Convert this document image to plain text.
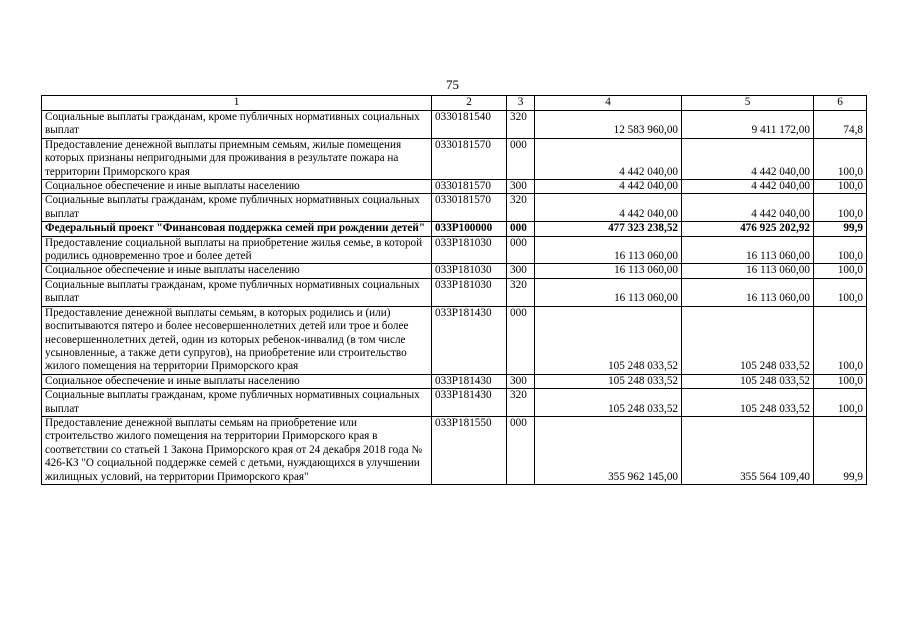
75
1	2	3	4	5	6
Социальные выплаты гражданам, кроме публичных нормативных социальных выплат	0330181540	320	12 583 960,00	9 411 172,00	74,8
Предоставление денежной выплаты приемным семьям, жилые помещения которых признаны непригодными для проживания в результате пожара на территории Приморского края	0330181570	000	4 442 040,00	4 442 040,00	100,0
Социальное обеспечение и иные выплаты населению	0330181570	300	4 442 040,00	4 442 040,00	100,0
Социальные выплаты гражданам, кроме публичных нормативных социальных выплат	0330181570	320	4 442 040,00	4 442 040,00	100,0
Федеральный проект "Финансовая поддержка семей при рождении детей"	033P100000	000	477 323 238,52	476 925 202,92	99,9
Предоставление социальной выплаты на приобретение жилья семье, в которой родились одновременно трое и более детей	033P181030	000	16 113 060,00	16 113 060,00	100,0
Социальное обеспечение и иные выплаты населению	033P181030	300	16 113 060,00	16 113 060,00	100,0
Социальные выплаты гражданам, кроме публичных нормативных социальных выплат	033P181030	320	16 113 060,00	16 113 060,00	100,0
Предоставление денежной выплаты семьям, в которых родились и (или) воспитываются пятеро и более несовершеннолетних детей или трое и более несовершеннолетних детей, один из которых ребенок-инвалид (в том числе усыновленные, а также дети супругов), на приобретение или строительство жилого помещения на территории Приморского края	033P181430	000	105 248 033,52	105 248 033,52	100,0
Социальное обеспечение и иные выплаты населению	033P181430	300	105 248 033,52	105 248 033,52	100,0
Социальные выплаты гражданам, кроме публичных нормативных социальных выплат	033P181430	320	105 248 033,52	105 248 033,52	100,0
Предоставление денежной выплаты семьям на приобретение или строительство жилого помещения на территории Приморского края в соответствии со статьей 1 Закона Приморского края от 24 декабря 2018 года № 426-КЗ "О социальной поддержке семей с детьми, нуждающихся в улучшении жилищных условий, на территории Приморского края"	033P181550	000	355 962 145,00	355 564 109,40	99,9
